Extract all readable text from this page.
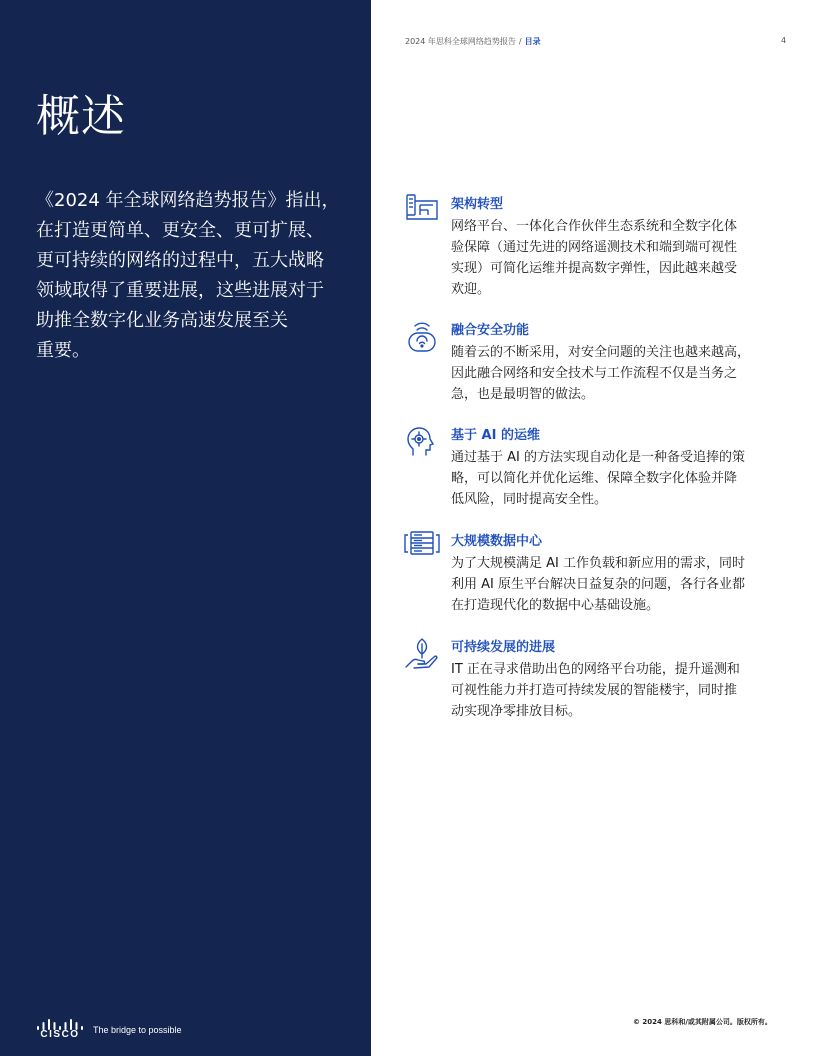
概述

《2024 年全球网络趋势报告》指出，
在打造更简单、更安全、更可扩展、
更可持续的网络的过程中，五大战略
领域取得了重要进展，这些进展对于
助推全数字化业务高速发展至关
重要。

CISCO	The bridge to possible
2024 年思科全球网络趋势报告 / 目录	4
架构转型
网络平台、一体化合作伙伴生态系统和全数字化体
验保障（通过先进的网络遥测技术和端到端可视性
实现）可简化运维并提高数字弹性，因此越来越受
欢迎。
融合安全功能
随着云的不断采用，对安全问题的关注也越来越高，
因此融合网络和安全技术与工作流程不仅是当务之
急，也是最明智的做法。
基于 AI 的运维
通过基于 AI 的方法实现自动化是一种备受追捧的策
略，可以简化并优化运维、保障全数字化体验并降
低风险，同时提高安全性。
大规模数据中心
为了大规模满足 AI 工作负载和新应用的需求，同时
利用 AI 原生平台解决日益复杂的问题，各行各业都
在打造现代化的数据中心基础设施。
可持续发展的进展
IT 正在寻求借助出色的网络平台功能，提升遥测和
可视性能力并打造可持续发展的智能楼宇，同时推
动实现净零排放目标。
© 2024 思科和/或其附属公司。版权所有。
